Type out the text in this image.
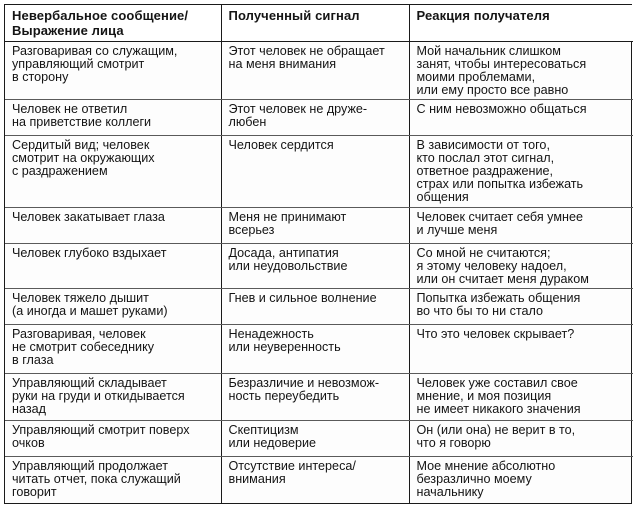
Невербальное сообщение/
Выражение лица	Полученный сигнал	Реакция получателя
Разговаривая со служащим,
управляющий смотрит
в сторону	Этот человек не обращает
на меня внимания	Мой начальник слишком
занят, чтобы интересоваться
моими проблемами,
или ему просто все равно
Человек не ответил
на приветствие коллеги	Этот человек не друже-
любен	С ним невозможно общаться
Сердитый вид; человек
смотрит на окружающих
с раздражением	Человек сердится	В зависимости от того,
кто послал этот сигнал,
ответное раздражение,
страх или попытка избежать
общения
Человек закатывает глаза	Меня не принимают
всерьез	Человек считает себя умнее
и лучше меня
Человек глубоко вздыхает	Досада, антипатия
или неудовольствие	Со мной не считаются;
я этому человеку надоел,
или он считает меня дураком
Человек тяжело дышит
(а иногда и машет руками)	Гнев и сильное волнение	Попытка избежать общения
во что бы то ни стало
Разговаривая, человек
не смотрит собеседнику
в глаза	Ненадежность
или неуверенность	Что это человек скрывает?
Управляющий складывает
руки на груди и откидывается
назад	Безразличие и невозмож-
ность переубедить	Человек уже составил свое
мнение, и моя позиция
не имеет никакого значения
Управляющий смотрит поверх
очков	Скептицизм
или недоверие	Он (или она) не верит в то,
что я говорю
Управляющий продолжает
читать отчет, пока служащий
говорит	Отсутствие интереса/
внимания	Мое мнение абсолютно
безразлично моему
начальнику
